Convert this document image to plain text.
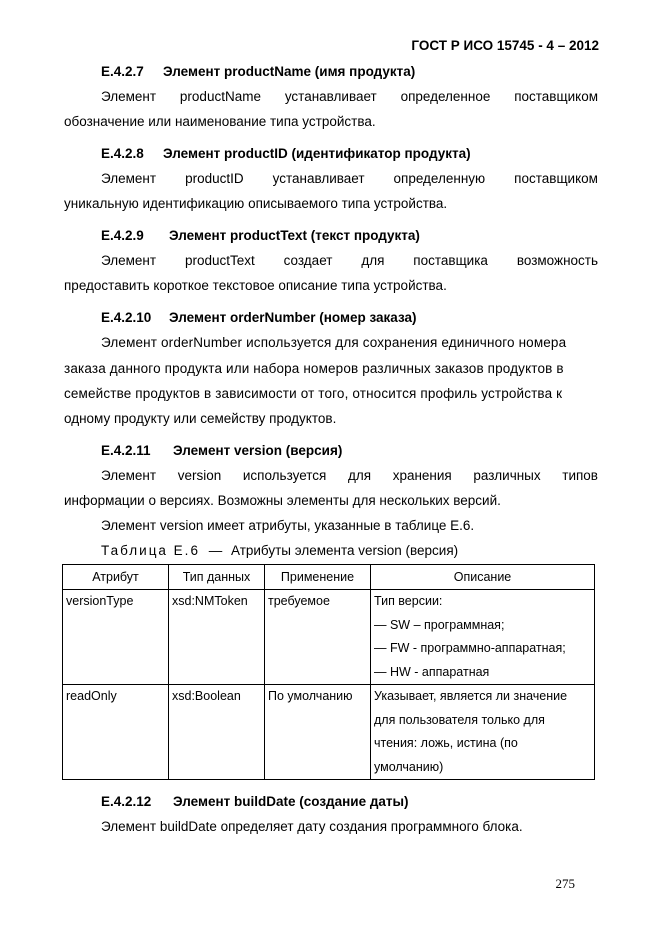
ГОСТ Р ИСО 15745 - 4 – 2012
E.4.2.7 Элемент productName (имя продукта)
Элемент productName устанавливает определенное поставщиком
обозначение или наименование типа устройства.
E.4.2.8 Элемент productID (идентификатор продукта)
Элемент productID устанавливает определенную поставщиком
уникальную идентификацию описываемого типа устройства.
E.4.2.9 Элемент productText (текст продукта)
Элемент productText создает для поставщика возможность
предоставить короткое текстовое описание типа устройства.
E.4.2.10 Элемент orderNumber (номер заказа)
Элемент orderNumber используется для сохранения единичного номера
заказа данного продукта или набора номеров различных заказов продуктов в
семействе продуктов в зависимости от того, относится профиль устройства к
одному продукту или семейству продуктов.
E.4.2.11 Элемент version (версия)
Элемент version используется для хранения различных типов
информации о версиях. Возможны элементы для нескольких версий.
Элемент version имеет атрибуты, указанные в таблице Е.6.
Таблица Е.6 — Атрибуты элемента version (версия)
Атрибут	Тип данных	Применение	Описание
versionType	xsd:NMToken	требуемое	Тип версии:
— SW – программная;
— FW - программно-аппаратная;
— HW - аппаратная

readOnly	xsd:Boolean	По умолчанию	Указывает, является ли значение
для пользователя только для
чтения: ложь, истина (по
умолчанию)
E.4.2.12 Элемент buildDate (создание даты)
Элемент buildDate определяет дату создания программного блока.
275
